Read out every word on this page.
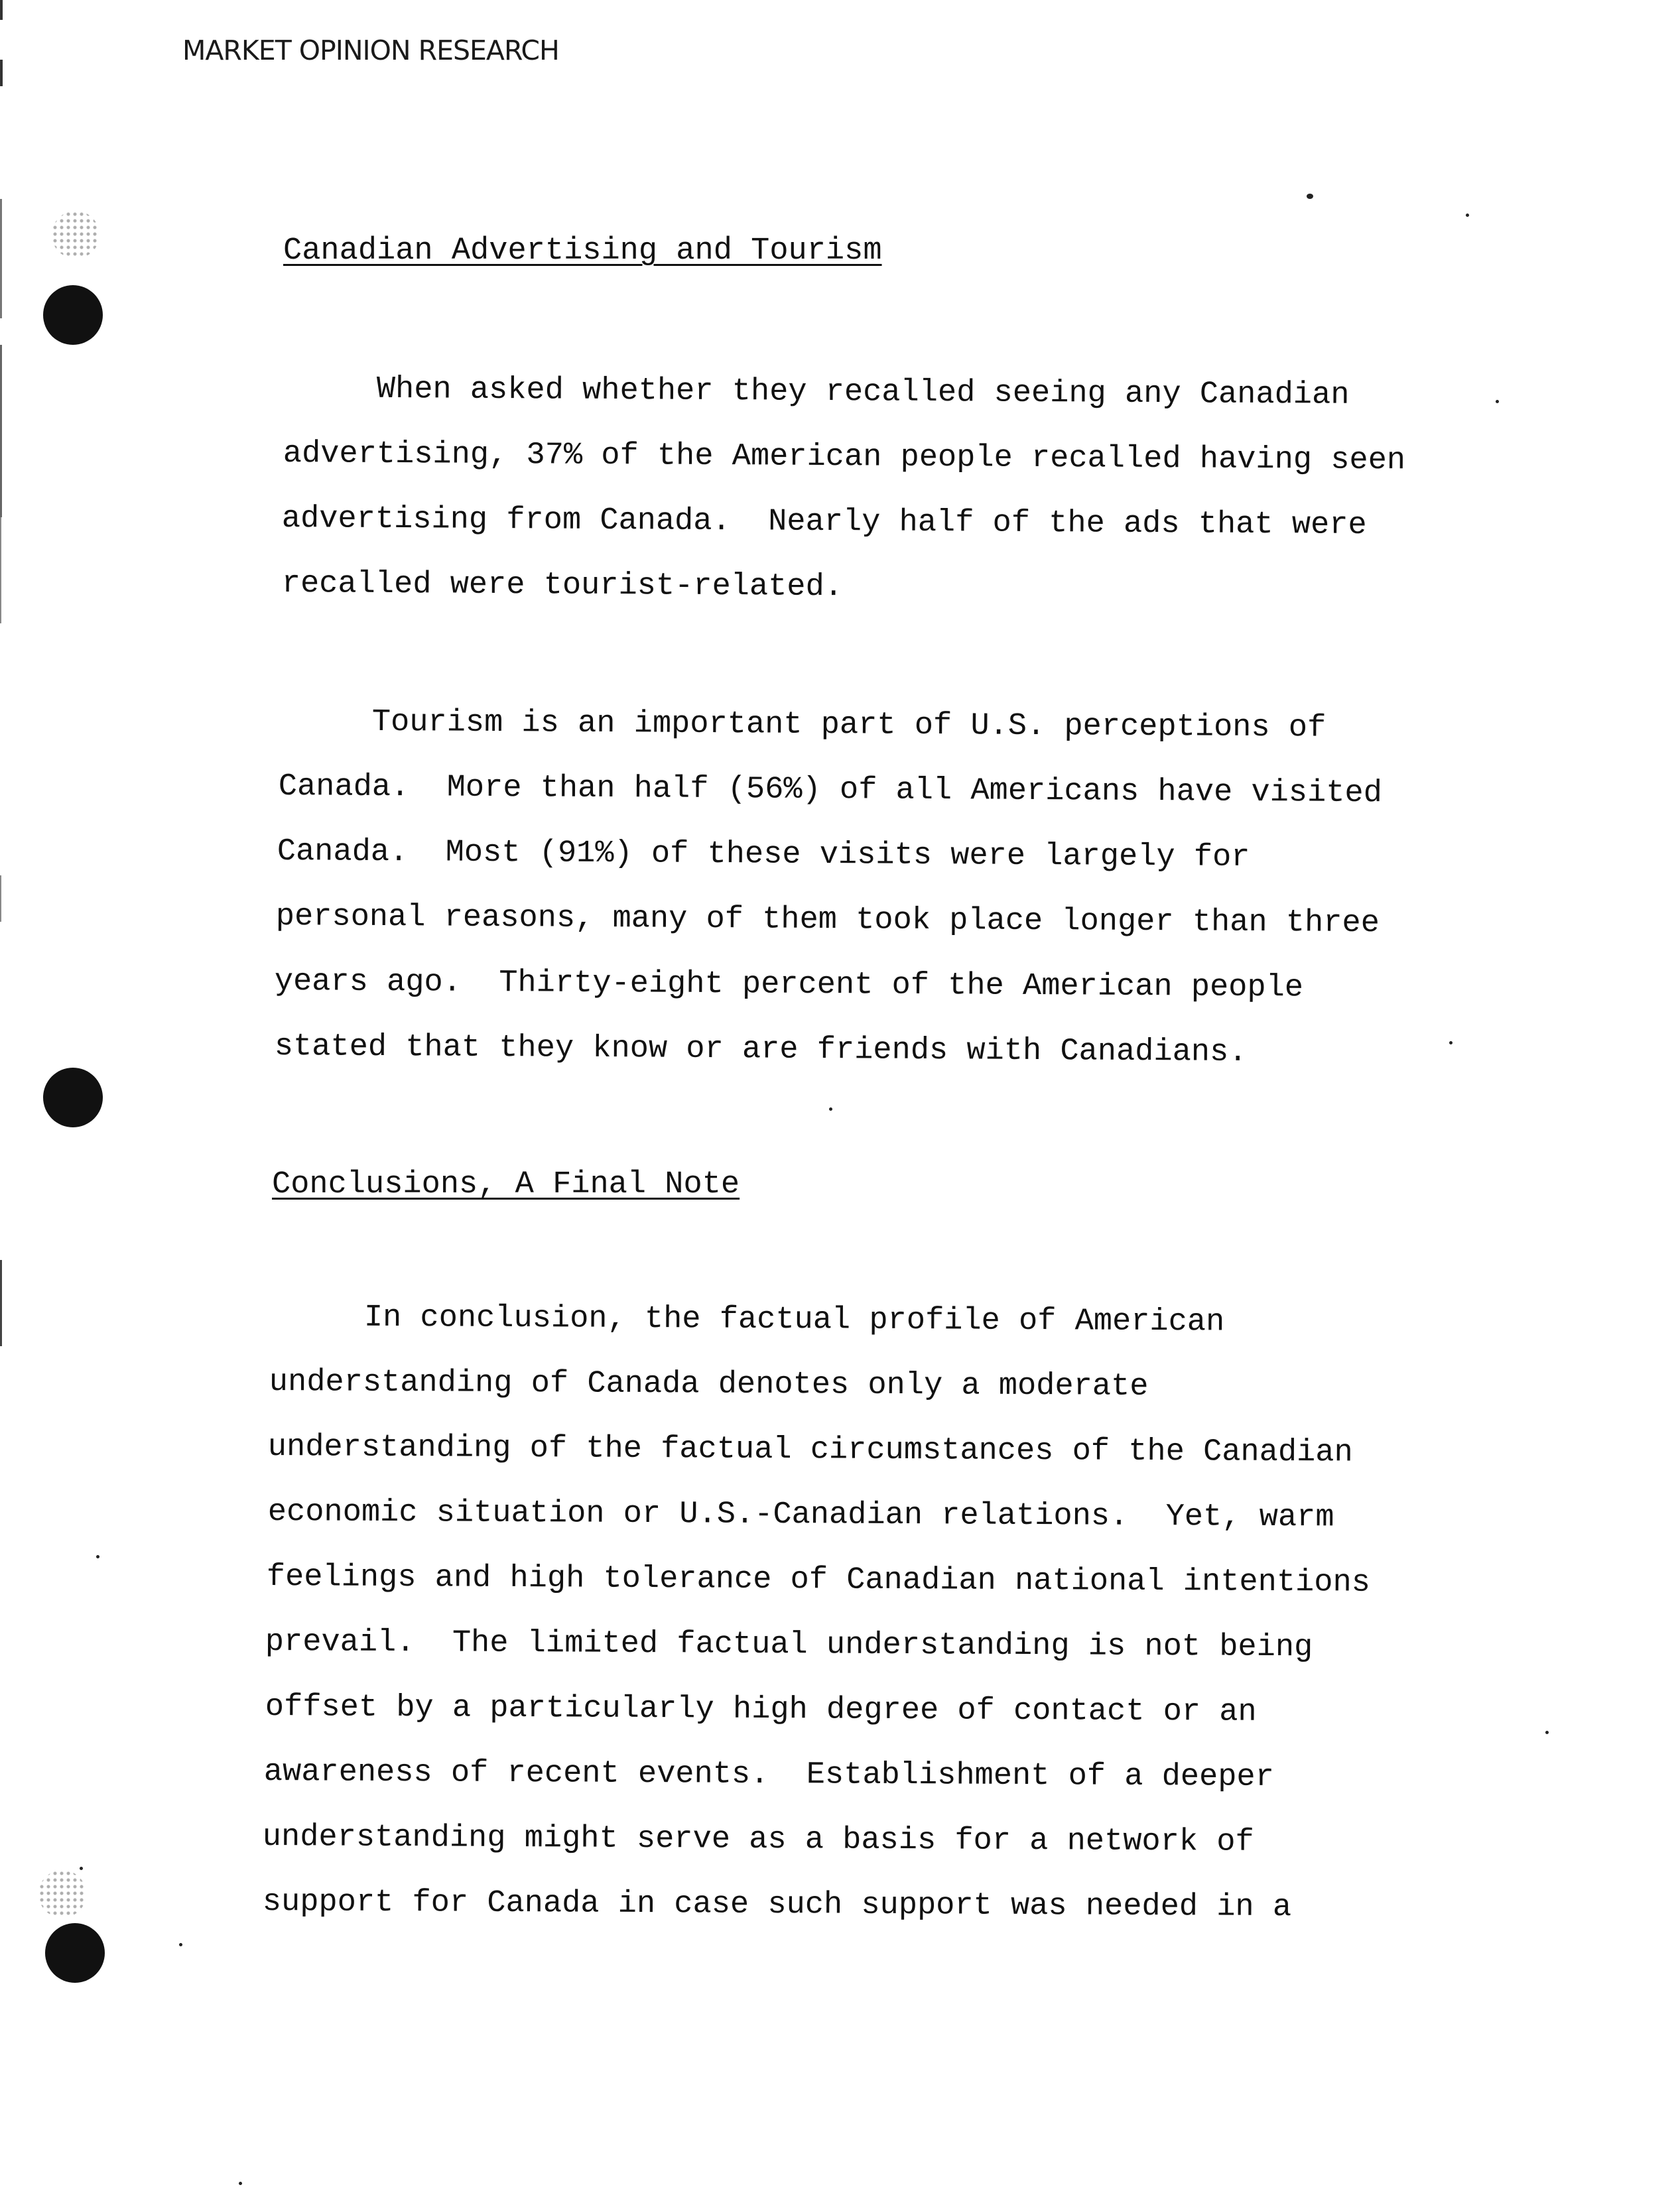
MARKET OPINION RESEARCH
Canadian Advertising and Tourism
When asked whether they recalled seeing any Canadian
advertising, 37% of the American people recalled having seen
advertising from Canada.  Nearly half of the ads that were
recalled were tourist-related.
Tourism is an important part of U.S. perceptions of
Canada.  More than half (56%) of all Americans have visited
Canada.  Most (91%) of these visits were largely for
personal reasons, many of them took place longer than three
years ago.  Thirty-eight percent of the American people
stated that they know or are friends with Canadians.
Conclusions, A Final Note
In conclusion, the factual profile of American
understanding of Canada denotes only a moderate
understanding of the factual circumstances of the Canadian
economic situation or U.S.-Canadian relations.  Yet, warm
feelings and high tolerance of Canadian national intentions
prevail.  The limited factual understanding is not being
offset by a particularly high degree of contact or an
awareness of recent events.  Establishment of a deeper
understanding might serve as a basis for a network of
support for Canada in case such support was needed in a
